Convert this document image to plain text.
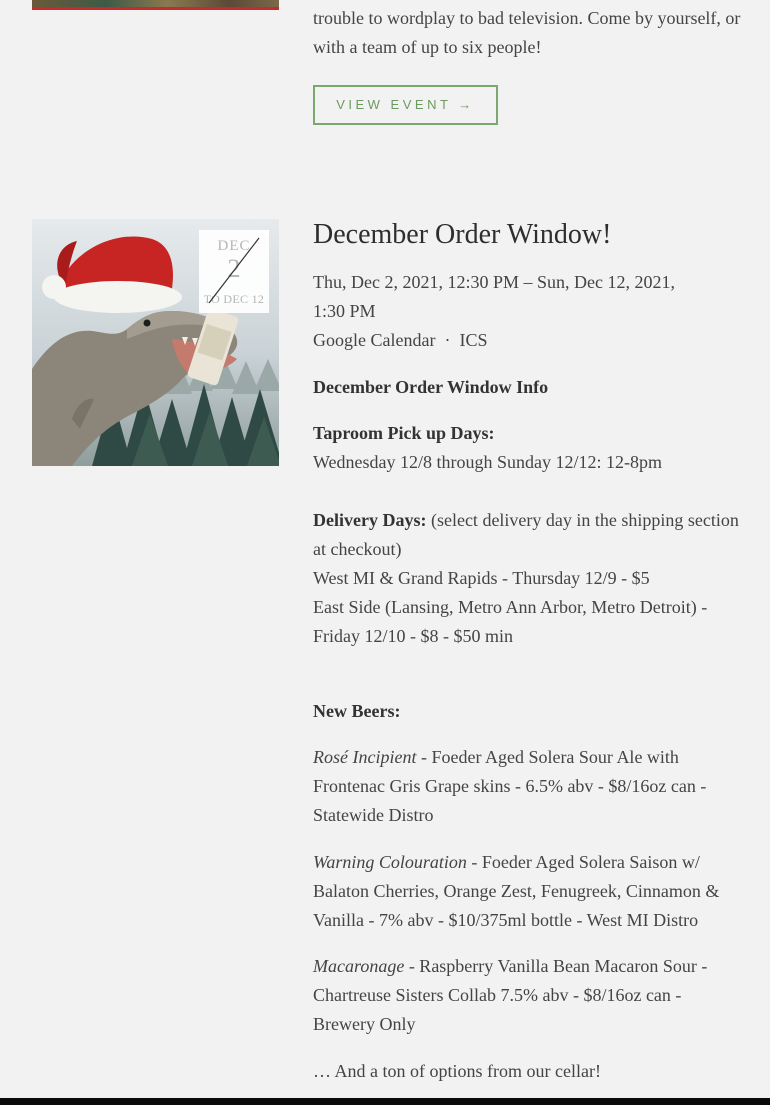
trouble to wordplay to bad television. Come by yourself, or with a team of up to six people!

VIEW EVENT →
DEC
2
TO DEC 12
December Order Window!

Thu, Dec 2, 2021, 12:30 PM – Sun, Dec 12, 2021, 1:30 PM

Google Calendar · ICS

December Order Window Info

Taproom Pick up Days:
Wednesday 12/8 through Sunday 12/12: 12-8pm

Delivery Days: (select delivery day in the shipping section at checkout)
West MI & Grand Rapids - Thursday 12/9 - $5
East Side (Lansing, Metro Ann Arbor, Metro Detroit) - Friday 12/10 - $8 - $50 min

New Beers:

Rosé Incipient - Foeder Aged Solera Sour Ale with Frontenac Gris Grape skins - 6.5% abv - $8/16oz can - Statewide Distro

Warning Colouration - Foeder Aged Solera Saison w/ Balaton Cherries, Orange Zest, Fenugreek, Cinnamon & Vanilla - 7% abv - $10/375ml bottle - West MI Distro

Macaronage - Raspberry Vanilla Bean Macaron Sour - Chartreuse Sisters Collab 7.5% abv - $8/16oz can - Brewery Only

… And a ton of options from our cellar!
